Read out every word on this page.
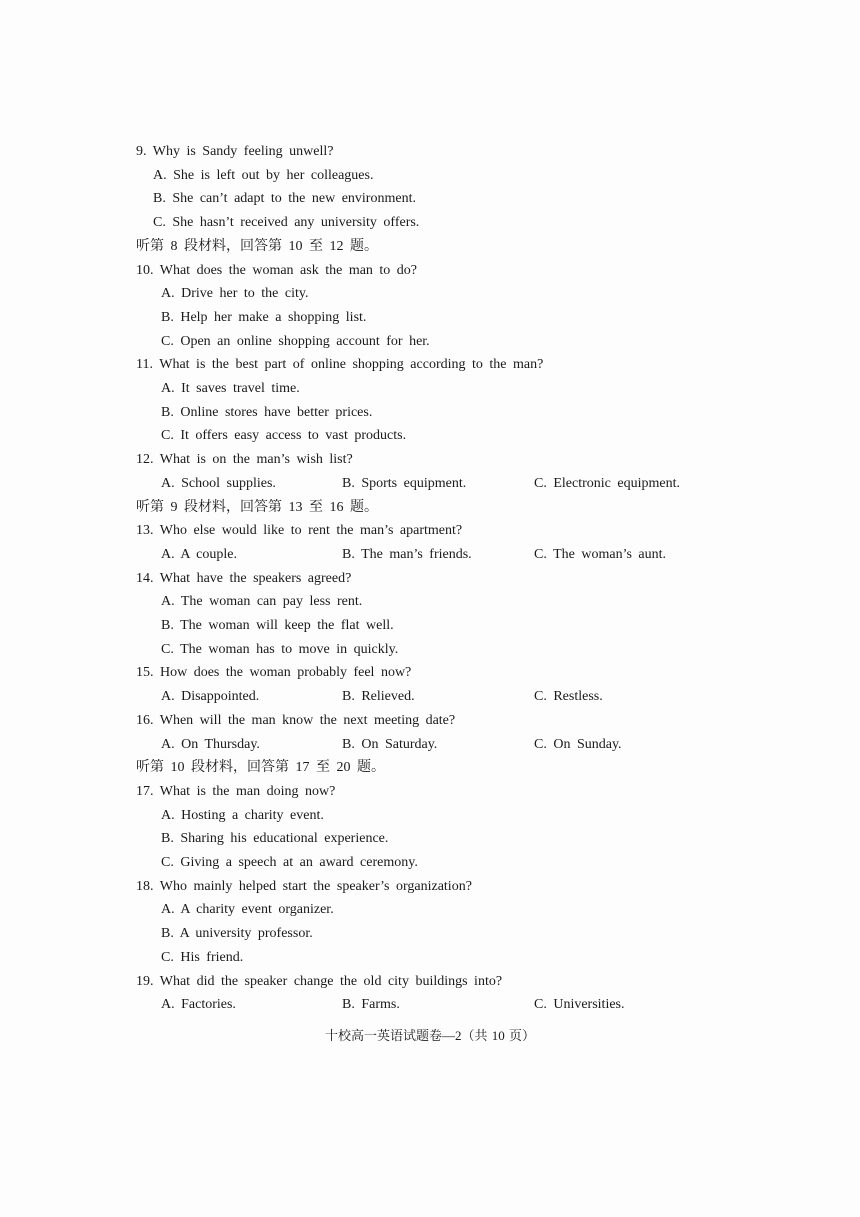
9. Why is Sandy feeling unwell?
A. She is left out by her colleagues.
B. She can’t adapt to the new environment.
C. She hasn’t received any university offers.
听第 8 段材料，回答第 10 至 12 题。
10. What does the woman ask the man to do?
A. Drive her to the city.
B. Help her make a shopping list.
C. Open an online shopping account for her.
11. What is the best part of online shopping according to the man?
A. It saves travel time.
B. Online stores have better prices.
C. It offers easy access to vast products.
12. What is on the man’s wish list?
A. School supplies.	B. Sports equipment.	C. Electronic equipment.
听第 9 段材料，回答第 13 至 16 题。
13. Who else would like to rent the man’s apartment?
A. A couple.	B. The man’s friends.	C. The woman’s aunt.
14. What have the speakers agreed?
A. The woman can pay less rent.
B. The woman will keep the flat well.
C. The woman has to move in quickly.
15. How does the woman probably feel now?
A. Disappointed.	B. Relieved.	C. Restless.
16. When will the man know the next meeting date?
A. On Thursday.	B. On Saturday.	C. On Sunday.
听第 10 段材料，回答第 17 至 20 题。
17. What is the man doing now?
A. Hosting a charity event.
B. Sharing his educational experience.
C. Giving a speech at an award ceremony.
18. Who mainly helped start the speaker’s organization?
A. A charity event organizer.
B. A university professor.
C. His friend.
19. What did the speaker change the old city buildings into?
A. Factories.	B. Farms.	C. Universities.
十校高一英语试题卷—2（共 10 页）
